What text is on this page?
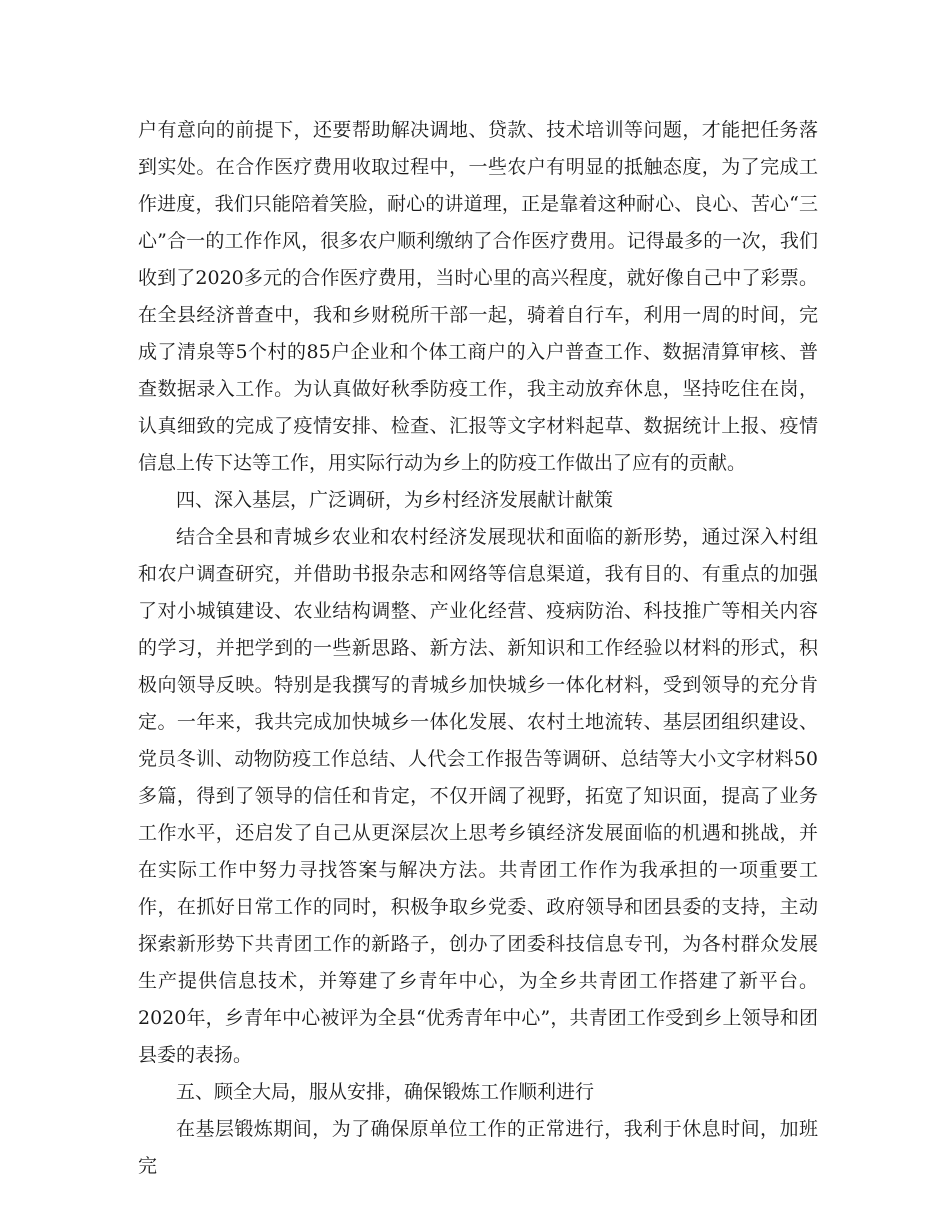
户有意向的前提下，还要帮助解决调地、贷款、技术培训等问题，才能把任务落到实处。在合作医疗费用收取过程中，一些农户有明显的抵触态度，为了完成工作进度，我们只能陪着笑脸，耐心的讲道理，正是靠着这种耐心、良心、苦心“三心”合一的工作作风，很多农户顺利缴纳了合作医疗费用。记得最多的一次，我们收到了2020多元的合作医疗费用，当时心里的高兴程度，就好像自己中了彩票。在全县经济普查中，我和乡财税所干部一起，骑着自行车，利用一周的时间，完成了清泉等5个村的85户企业和个体工商户的入户普查工作、数据清算审核、普查数据录入工作。为认真做好秋季防疫工作，我主动放弃休息，坚持吃住在岗，认真细致的完成了疫情安排、检查、汇报等文字材料起草、数据统计上报、疫情信息上传下达等工作，用实际行动为乡上的防疫工作做出了应有的贡献。

四、深入基层，广泛调研，为乡村经济发展献计献策

结合全县和青城乡农业和农村经济发展现状和面临的新形势，通过深入村组和农户调查研究，并借助书报杂志和网络等信息渠道，我有目的、有重点的加强了对小城镇建设、农业结构调整、产业化经营、疫病防治、科技推广等相关内容的学习，并把学到的一些新思路、新方法、新知识和工作经验以材料的形式，积极向领导反映。特别是我撰写的青城乡加快城乡一体化材料，受到领导的充分肯定。一年来，我共完成加快城乡一体化发展、农村土地流转、基层团组织建设、党员冬训、动物防疫工作总结、人代会工作报告等调研、总结等大小文字材料50多篇，得到了领导的信任和肯定，不仅开阔了视野，拓宽了知识面，提高了业务工作水平，还启发了自己从更深层次上思考乡镇经济发展面临的机遇和挑战，并在实际工作中努力寻找答案与解决方法。共青团工作作为我承担的一项重要工作，在抓好日常工作的同时，积极争取乡党委、政府领导和团县委的支持，主动探索新形势下共青团工作的新路子，创办了团委科技信息专刊，为各村群众发展生产提供信息技术，并筹建了乡青年中心，为全乡共青团工作搭建了新平台。2020年，乡青年中心被评为全县“优秀青年中心”，共青团工作受到乡上领导和团县委的表扬。

五、顾全大局，服从安排，确保锻炼工作顺利进行

在基层锻炼期间，为了确保原单位工作的正常进行，我利于休息时间，加班完
